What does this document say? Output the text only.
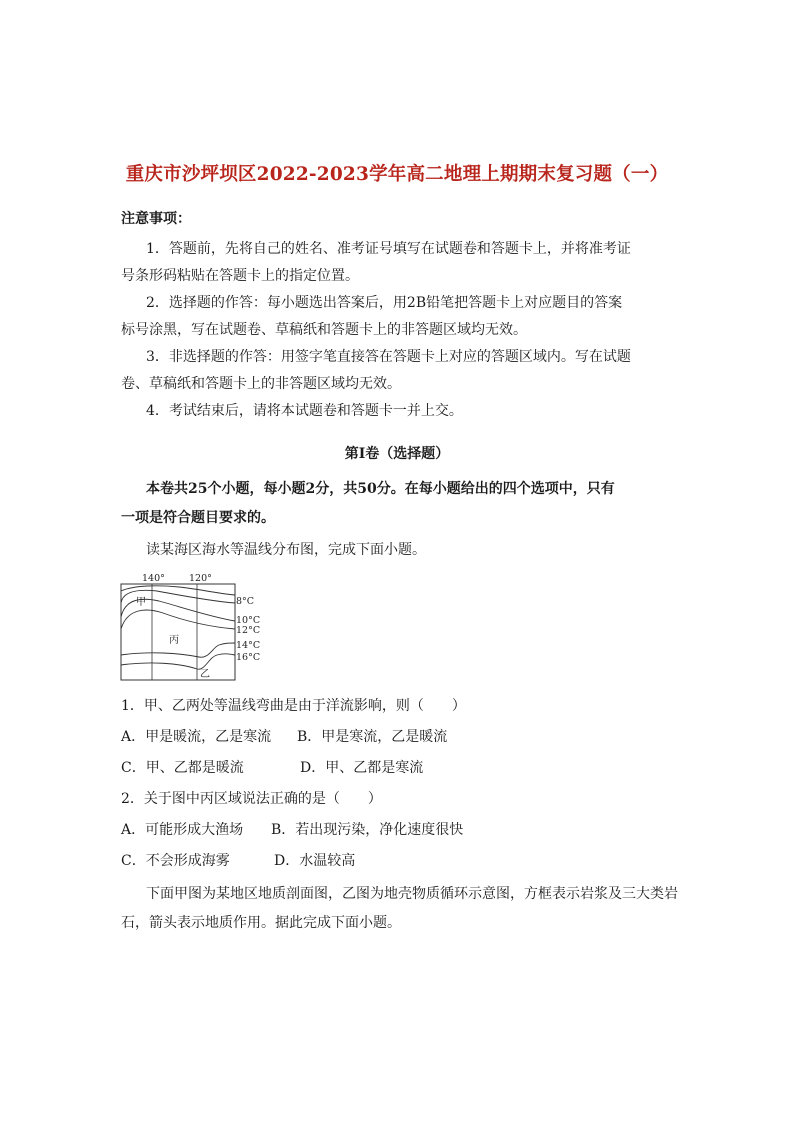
重庆市沙坪坝区2022-2023学年高二地理上期期末复习题（一）
注意事项：
1．答题前，先将自己的姓名、准考证号填写在试题卷和答题卡上，并将准考证
号条形码粘贴在答题卡上的指定位置。
2．选择题的作答：每小题选出答案后，用2B铅笔把答题卡上对应题目的答案
标号涂黑，写在试题卷、草稿纸和答题卡上的非答题区域均无效。
3．非选择题的作答：用签字笔直接答在答题卡上对应的答题区域内。写在试题
卷、草稿纸和答题卡上的非答题区域均无效。
4．考试结束后，请将本试题卷和答题卡一并上交。
第Ⅰ卷（选择题）
本卷共25个小题，每小题2分，共50分。在每小题给出的四个选项中，只有
一项是符合题目要求的。
读某海区海水等温线分布图，完成下面小题。
140°	120°
甲
丙
乙
8°C
10°C
12°C
14°C
16°C
1．甲、乙两处等温线弯曲是由于洋流影响，则（　　）
A．甲是暖流，乙是寒流 B．甲是寒流，乙是暖流
C．甲、乙都是暖流	D．甲、乙都是寒流
2．关于图中丙区域说法正确的是（　　）
A．可能形成大渔场 B．若出现污染，净化速度很快
C．不会形成海雾	D．水温较高
下面甲图为某地区地质剖面图，乙图为地壳物质循环示意图，方框表示岩浆及三大类岩
石，箭头表示地质作用。据此完成下面小题。
